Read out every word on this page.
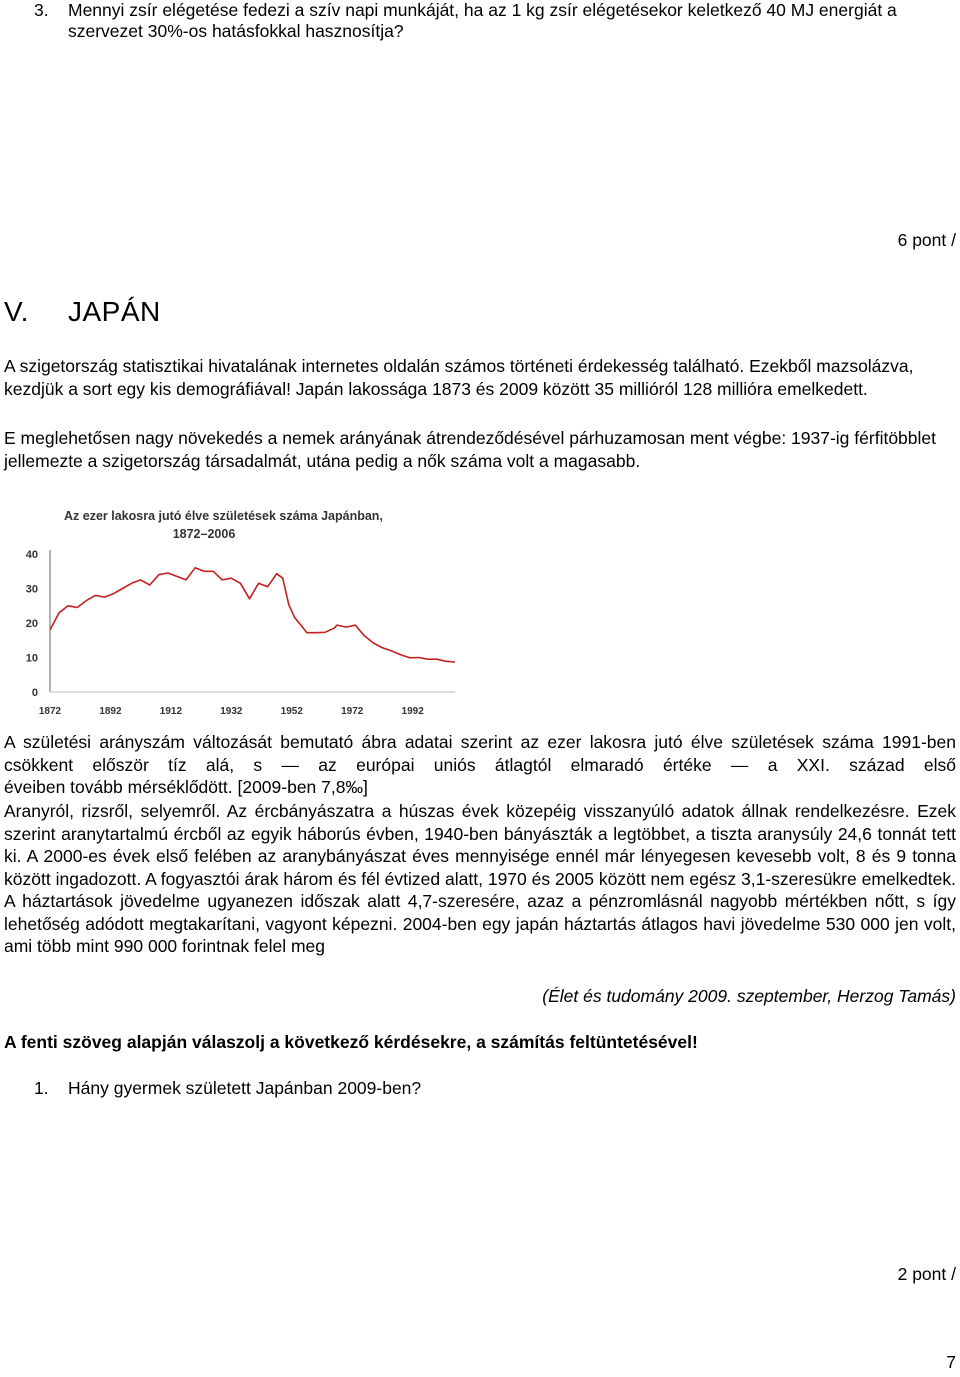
3. Mennyi zsír elégetése fedezi a szív napi munkáját, ha az 1 kg zsír elégetésekor keletkező 40 MJ energiát a szervezet 30%-os hatásfokkal hasznosítja?
6 pont /
V. JAPÁN
A szigetország statisztikai hivatalának internetes oldalán számos történeti érdekesség található. Ezekből mazsolázva, kezdjük a sort egy kis demográfiával! Japán lakossága 1873 és 2009 között 35 millióról 128 millióra emelkedett.
E meglehetősen nagy növekedés a nemek arányának átrendeződésével párhuzamosan ment végbe: 1937-ig férfitöbblet jellemezte a szigetország társadalmát, utána pedig a nők száma volt a magasabb.
Az ezer lakosra jutó élve születések száma Japánban,
1872–2006
0
10
20
30
40
1872	1892	1912	1932	1952	1972	1992
A születési arányszám változását bemutató ábra adatai szerint az ezer lakosra jutó élve születések száma 1991-ben csökkent először tíz alá, s — az európai uniós átlagtól elmaradó értéke — a XXI. század első
éveiben tovább mérséklődött. [2009-ben 7,8‰]
Aranyról, rizsről, selyemről. Az ércbányászatra a húszas évek közepéig visszanyúló adatok állnak rendelkezésre. Ezek szerint aranytartalmú ércből az egyik háborús évben, 1940-ben bányászták a legtöbbet, a tiszta aranysúly 24,6 tonnát tett ki. A 2000-es évek első felében az aranybányászat éves mennyisége ennél már lényegesen kevesebb volt, 8 és 9 tonna között ingadozott. A fogyasztói árak három és fél évtized alatt, 1970 és 2005 között nem egész 3,1-szeresükre emelkedtek. A háztartások jövedelme ugyanezen időszak alatt 4,7-szeresére, azaz a pénzromlásnál nagyobb mértékben nőtt, s így lehetőség adódott megtakarítani, vagyont képezni. 2004-ben egy japán háztartás átlagos havi jövedelme 530 000 jen volt, ami több mint 990 000 forintnak felel meg
(Élet és tudomány 2009. szeptember, Herzog Tamás)
A fenti szöveg alapján válaszolj a következő kérdésekre, a számítás feltüntetésével!
1. Hány gyermek született Japánban 2009-ben?
2 pont /
7
